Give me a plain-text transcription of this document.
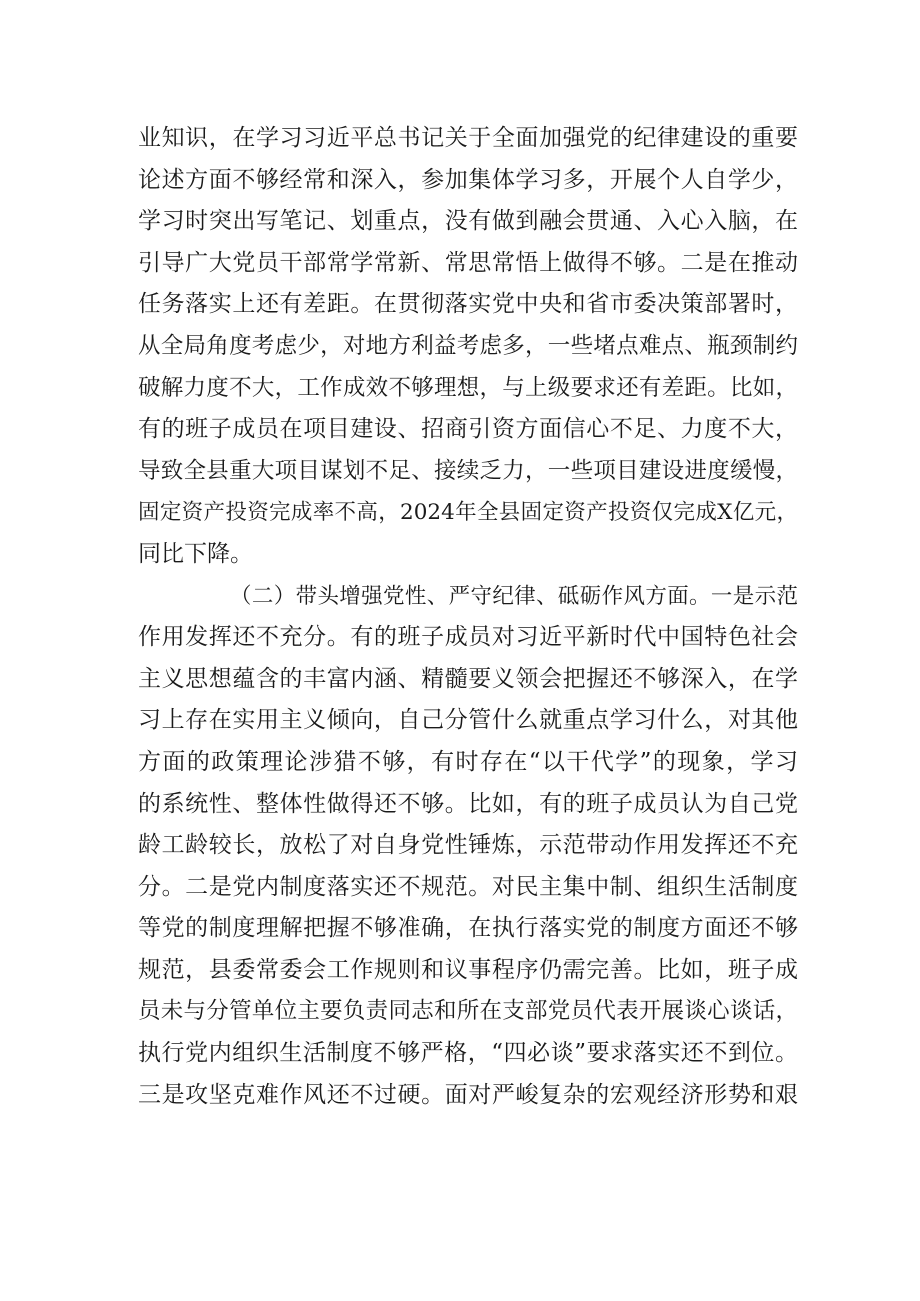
业知识，在学习习近平总书记关于全面加强党的纪律建设的重要
论述方面不够经常和深入，参加集体学习多，开展个人自学少，
学习时突出写笔记、划重点，没有做到融会贯通、入心入脑，在
引导广大党员干部常学常新、常思常悟上做得不够。二是在推动
任务落实上还有差距。在贯彻落实党中央和省市委决策部署时，
从全局角度考虑少，对地方利益考虑多，一些堵点难点、瓶颈制约
破解力度不大，工作成效不够理想，与上级要求还有差距。比如，
有的班子成员在项目建设、招商引资方面信心不足、力度不大，
导致全县重大项目谋划不足、接续乏力，一些项目建设进度缓慢，
固定资产投资完成率不高，2024年全县固定资产投资仅完成X亿元，
同比下降。
（二）带头增强党性、严守纪律、砥砺作风方面。一是示范
作用发挥还不充分。有的班子成员对习近平新时代中国特色社会
主义思想蕴含的丰富内涵、精髓要义领会把握还不够深入，在学
习上存在实用主义倾向，自己分管什么就重点学习什么，对其他
方面的政策理论涉猎不够，有时存在“以干代学”的现象，学习
的系统性、整体性做得还不够。比如，有的班子成员认为自己党
龄工龄较长，放松了对自身党性锤炼，示范带动作用发挥还不充
分。二是党内制度落实还不规范。对民主集中制、组织生活制度
等党的制度理解把握不够准确，在执行落实党的制度方面还不够
规范，县委常委会工作规则和议事程序仍需完善。比如，班子成
员未与分管单位主要负责同志和所在支部党员代表开展谈心谈话，
执行党内组织生活制度不够严格，“四必谈”要求落实还不到位。
三是攻坚克难作风还不过硬。面对严峻复杂的宏观经济形势和艰
